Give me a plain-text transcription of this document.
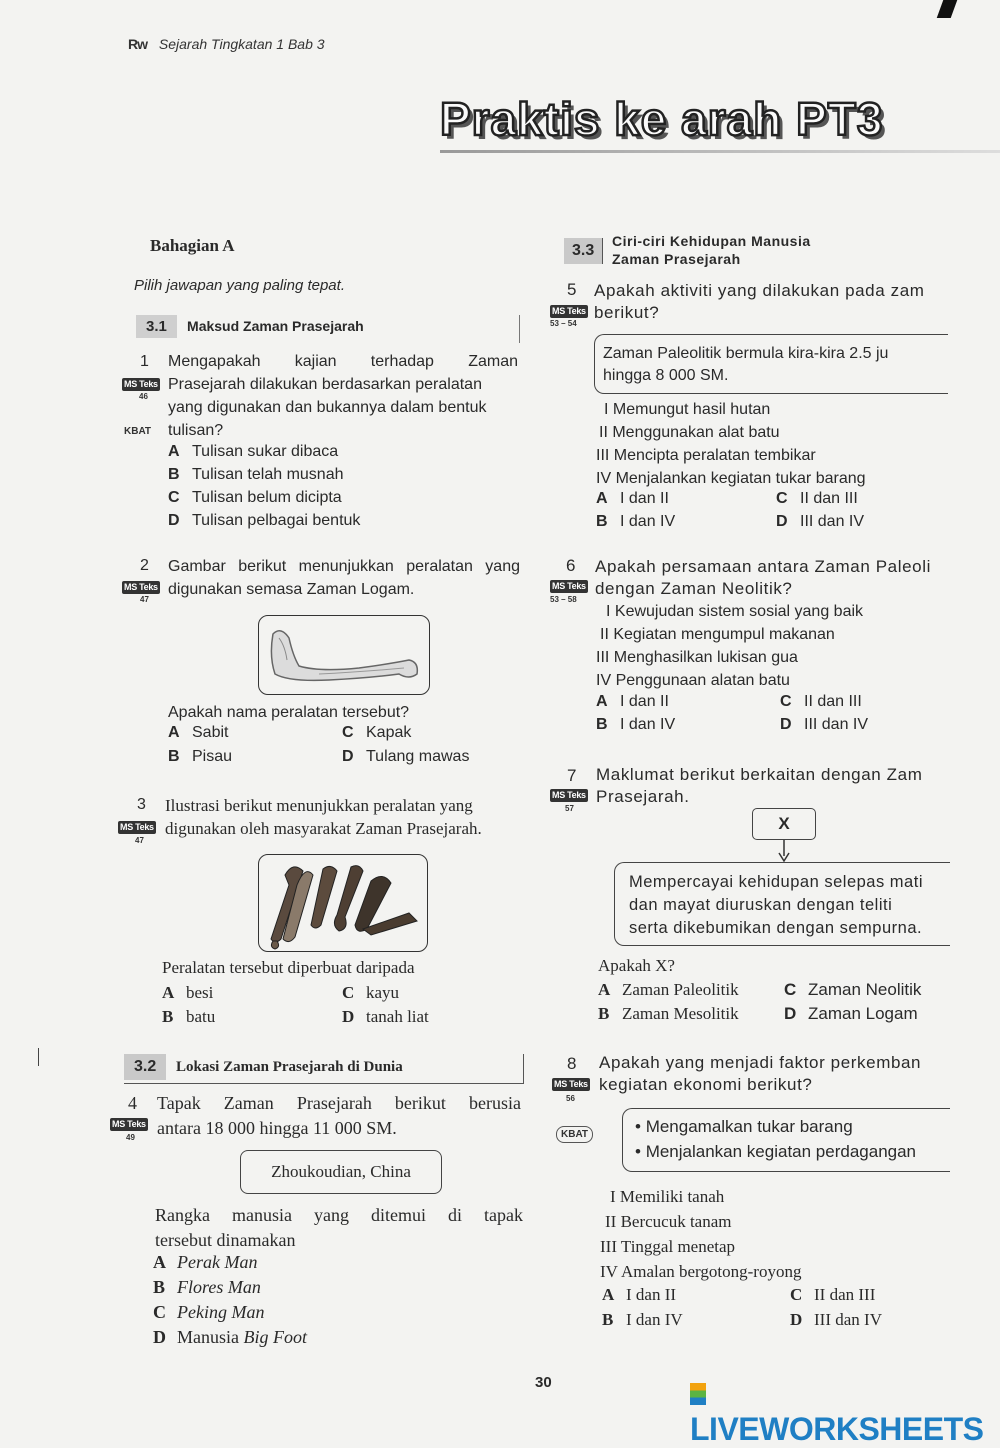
Rw Sejarah Tingkatan 1 Bab 3
Praktis ke arah PT3
Bahagian A
Pilih jawapan yang paling tepat.
3.1 Maksud Zaman Prasejarah
1
MS Teks
46
KBAT
Mengapakah kajian terhadap Zaman
Prasejarah dilakukan berdasarkan peralatan
yang digunakan dan bukannya dalam bentuk
tulisan?
A Tulisan sukar dibaca
B Tulisan telah musnah
C Tulisan belum dicipta
D Tulisan pelbagai bentuk
2
MS Teks
47
Gambar berikut menunjukkan peralatan yang
digunakan semasa Zaman Logam.
Apakah nama peralatan tersebut?
A Sabit
B Pisau
C Kapak
D Tulang mawas
3
MS Teks
47
Ilustrasi berikut menunjukkan peralatan yang
digunakan oleh masyarakat Zaman Prasejarah.
Peralatan tersebut diperbuat daripada
A besi
B batu
C kayu
D tanah liat
3.2 Lokasi Zaman Prasejarah di Dunia
4
MS Teks
49
Tapak Zaman Prasejarah berikut berusia
antara 18 000 hingga 11 000 SM.
Zhoukoudian, China
Rangka manusia yang ditemui di tapak
tersebut dinamakan
A Perak Man
B Flores Man
C Peking Man
D Manusia Big Foot
3.3
Ciri-ciri Kehidupan Manusia
Zaman Prasejarah
5
MS Teks
53 – 54
Apakah aktiviti yang dilakukan pada zam
berikut?
Zaman Paleolitik bermula kira-kira 2.5 ju
hingga 8 000 SM.
I Memungut hasil hutan
II Menggunakan alat batu
III Mencipta peralatan tembikar
IV Menjalankan kegiatan tukar barang
A I dan II
B I dan IV
C II dan III
D III dan IV
6
MS Teks
53 – 58
Apakah persamaan antara Zaman Paleoli
dengan Zaman Neolitik?
I Kewujudan sistem sosial yang baik
II Kegiatan mengumpul makanan
III Menghasilkan lukisan gua
IV Penggunaan alatan batu
A I dan II
B I dan IV
C II dan III
D III dan IV
7
MS Teks
57
Maklumat berikut berkaitan dengan Zam
Prasejarah.
X
Mempercayai kehidupan selepas mati
dan mayat diuruskan dengan teliti
serta dikebumikan dengan sempurna.
Apakah X?
A Zaman Paleolitik
B Zaman Mesolitik
C Zaman Neolitik
D Zaman Logam
8
MS Teks
56
KBAT
Apakah yang menjadi faktor perkemban
kegiatan ekonomi berikut?
• Mengamalkan tukar barang
• Menjalankan kegiatan perdagangan
I Memiliki tanah
II Bercucuk tanam
III Tinggal menetap
IV Amalan bergotong-royong
A I dan II
B I dan IV
C II dan III
D III dan IV
30
LIVEWORKSHEETS
